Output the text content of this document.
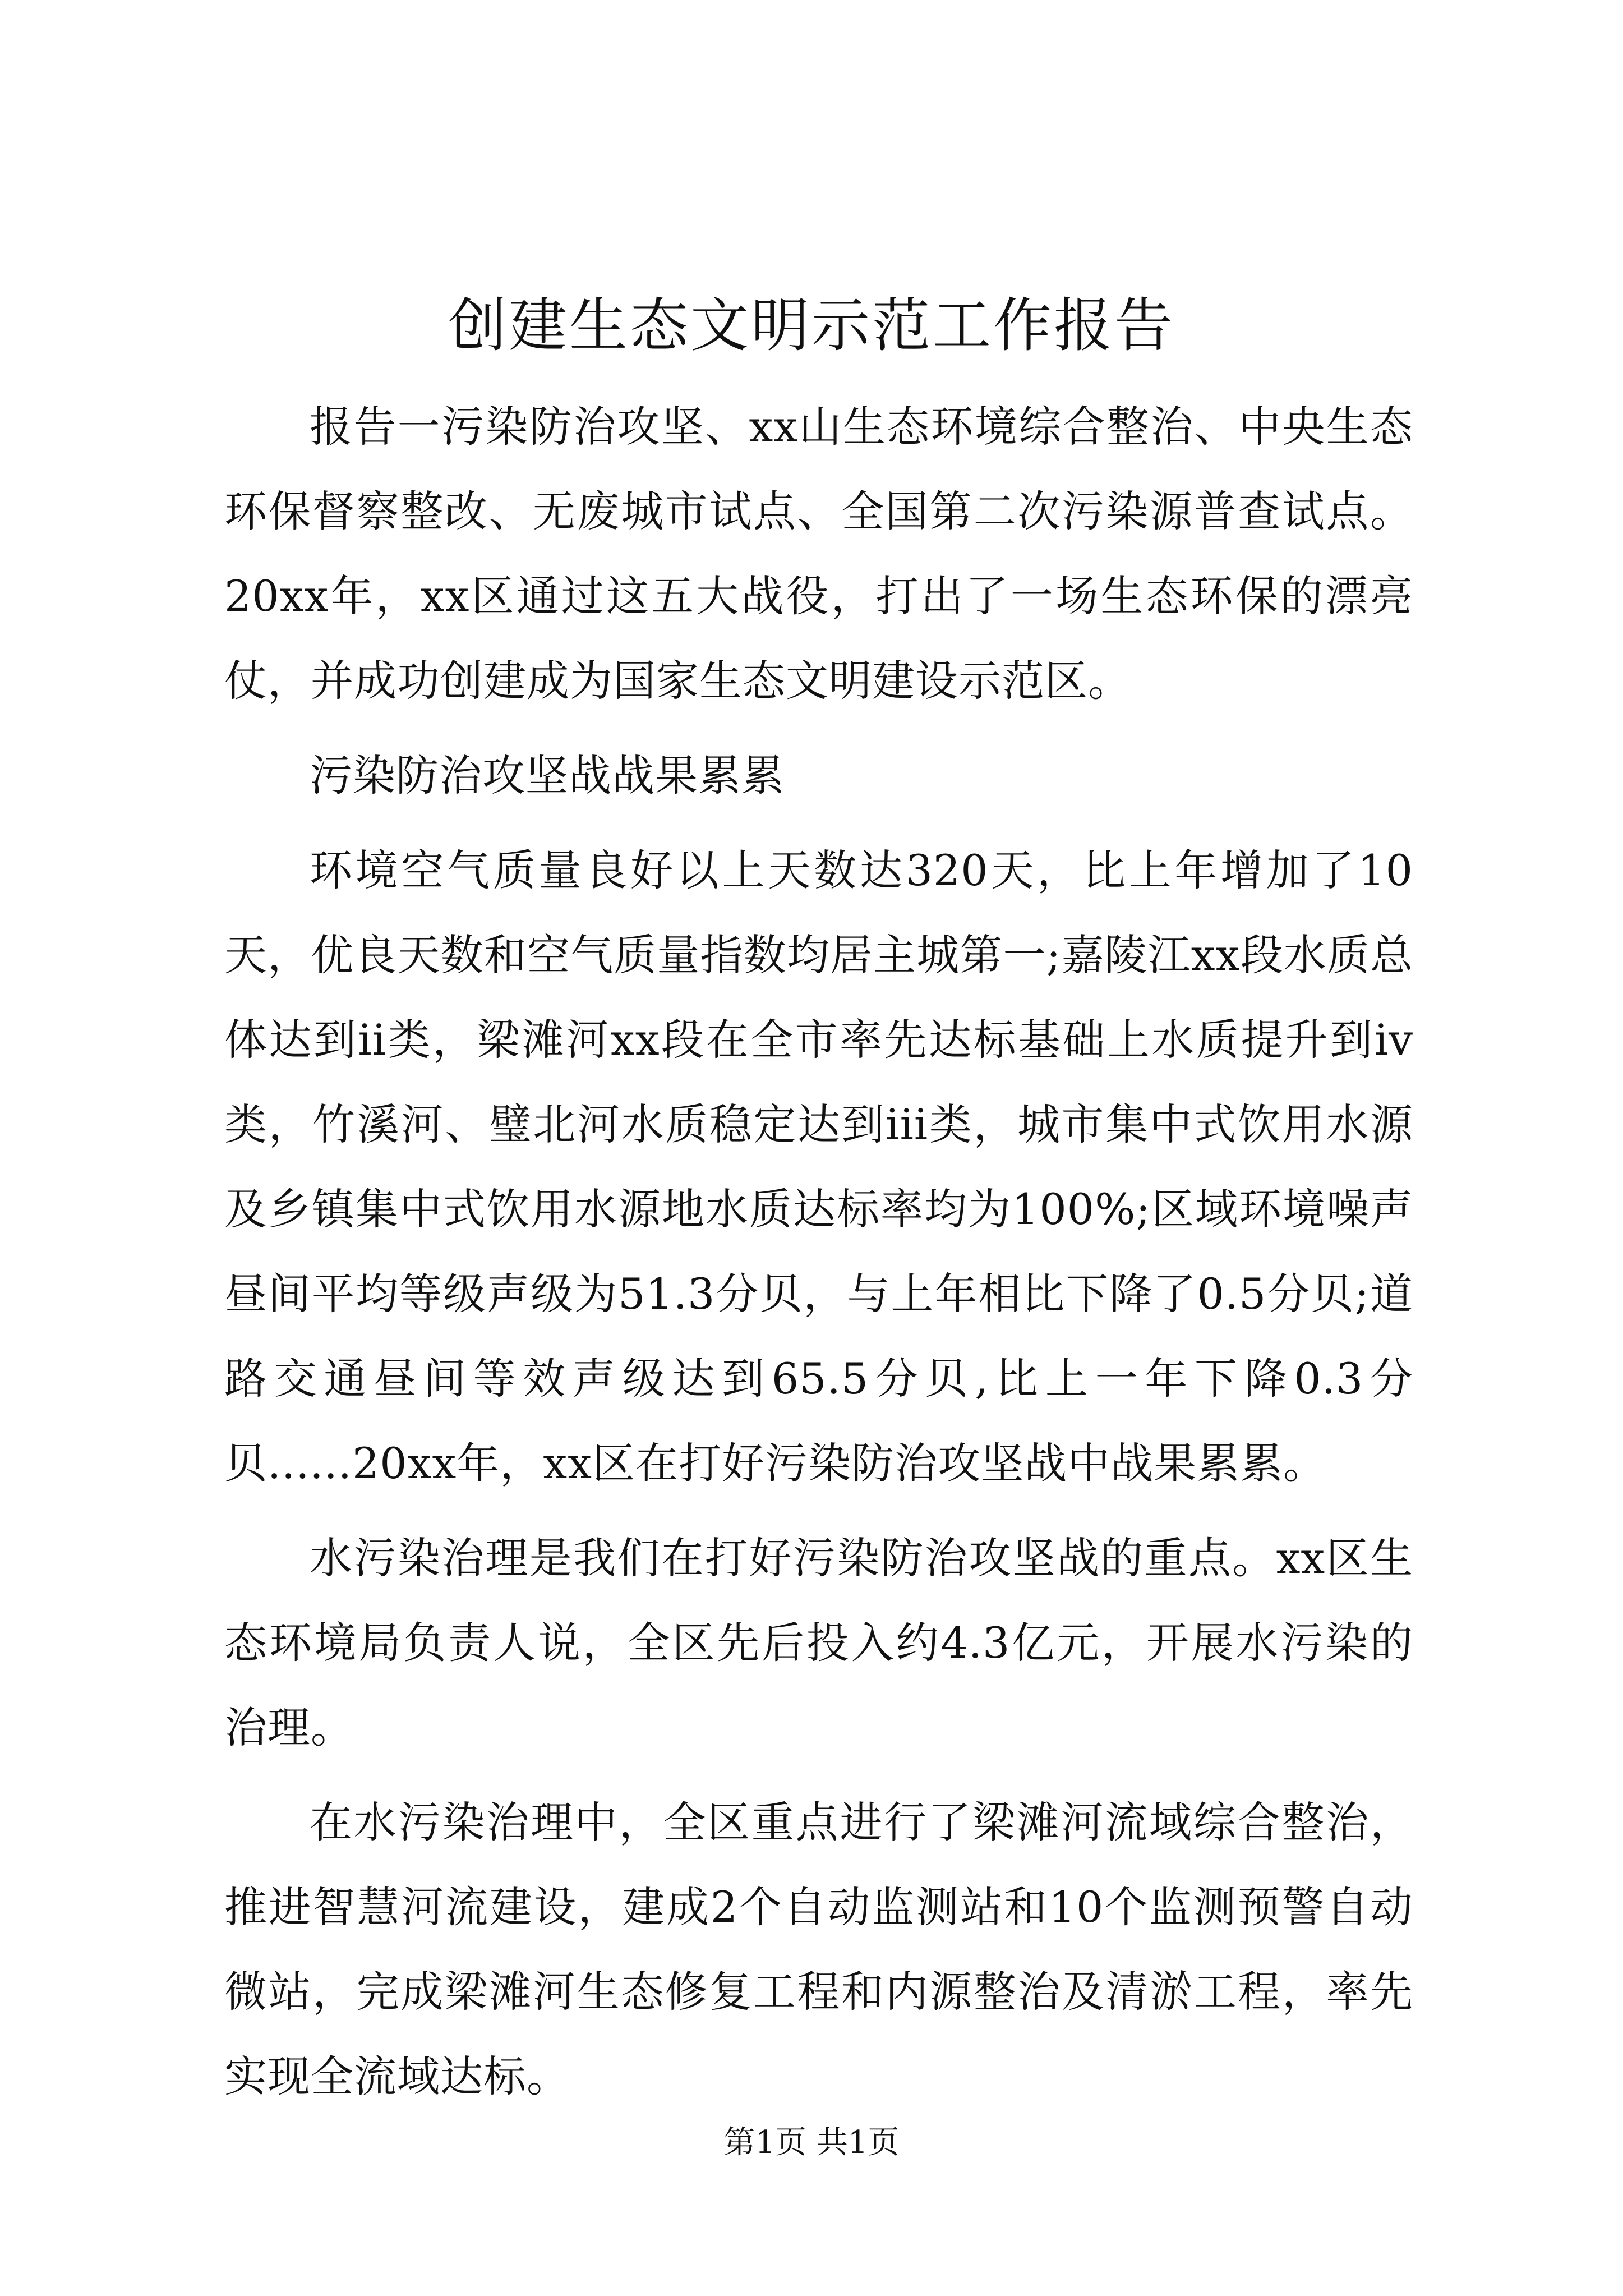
创建生态文明示范工作报告

报告一污染防治攻坚、xx山生态环境综合整治、中央生态环保督察整改、无废城市试点、全国第二次污染源普查试点。20xx年，xx区通过这五大战役，打出了一场生态环保的漂亮仗，并成功创建成为国家生态文明建设示范区。

污染防治攻坚战战果累累

环境空气质量良好以上天数达320天，比上年增加了10天，优良天数和空气质量指数均居主城第一;嘉陵江xx段水质总体达到ii类，梁滩河xx段在全市率先达标基础上水质提升到iv类，竹溪河、璧北河水质稳定达到iii类，城市集中式饮用水源及乡镇集中式饮用水源地水质达标率均为100%;区域环境噪声昼间平均等级声级为51.3分贝，与上年相比下降了0.5分贝;道路交通昼间等效声级达到65.5分贝,比上一年下降0.3分贝......20xx年，xx区在打好污染防治攻坚战中战果累累。

水污染治理是我们在打好污染防治攻坚战的重点。xx区生态环境局负责人说，全区先后投入约4.3亿元，开展水污染的治理。

在水污染治理中，全区重点进行了梁滩河流域综合整治，推进智慧河流建设，建成2个自动监测站和10个监测预警自动微站，完成梁滩河生态修复工程和内源整治及清淤工程，率先实现全流域达标。

第1页 共1页
